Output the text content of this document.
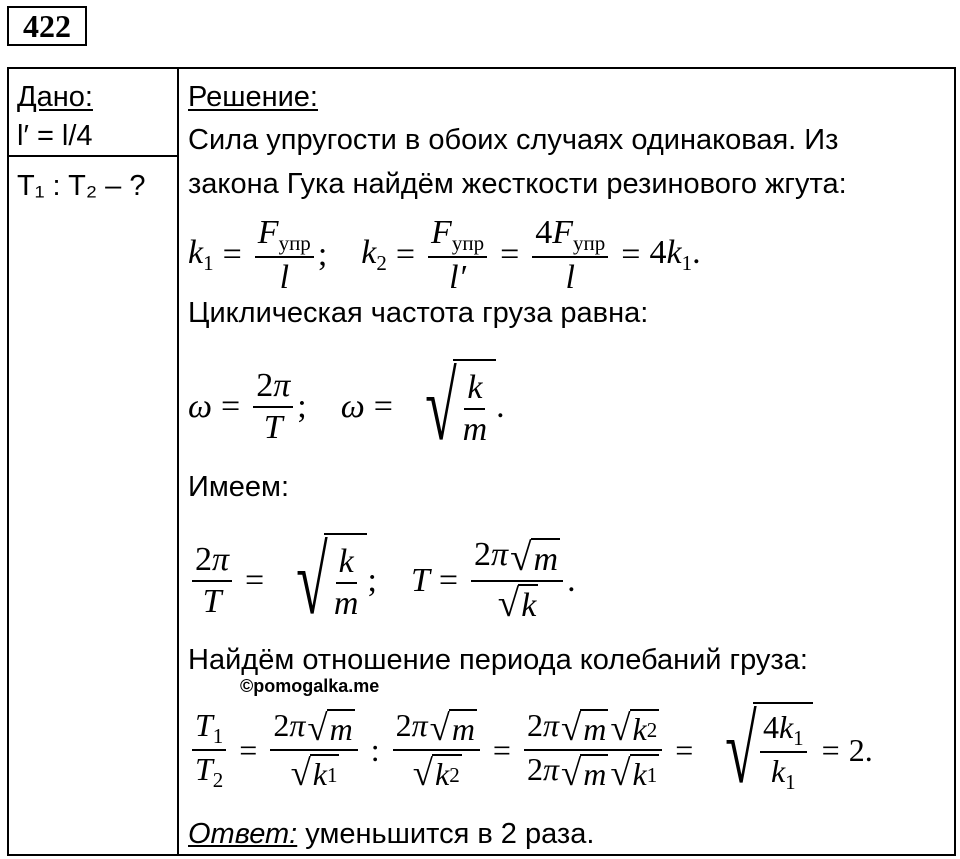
422
Дано:
l′ = l/4
T₁ : T₂ – ?
Решение:
Сила упругости в обоих случаях одинаковая. Из
закона Гука найдём жесткости резинового жгута:
$k_1 = \frac{F_{упр}}{l}$ ; $k_2 = \frac{F_{упр}}{l'} = \frac{4F_{упр}}{l} = 4k_1$.
Циклическая частота груза равна:
$\omega = \frac{2\pi}{T}$ ; ω = √ $\frac{k}{m}$ .
Имеем:
$\frac{2\pi}{T}$ = √ $\frac{k}{m}$ ; $T = \frac{2\pi √ m}{√ k}$ .
Найдём отношение периода колебаний груза:
©pomogalka.me
$\frac{T_1}{T_2} = \frac{2\pi √ m}{√ k 1}$ : $\frac{2\pi √ m}{√ k 2} = \frac{2\pi √ m √ k 2}{2\pi √ m √ k 1}$ = √ $\frac{4k_1}{k_1} = 2$.
Ответ: уменьшится в 2 раза.
